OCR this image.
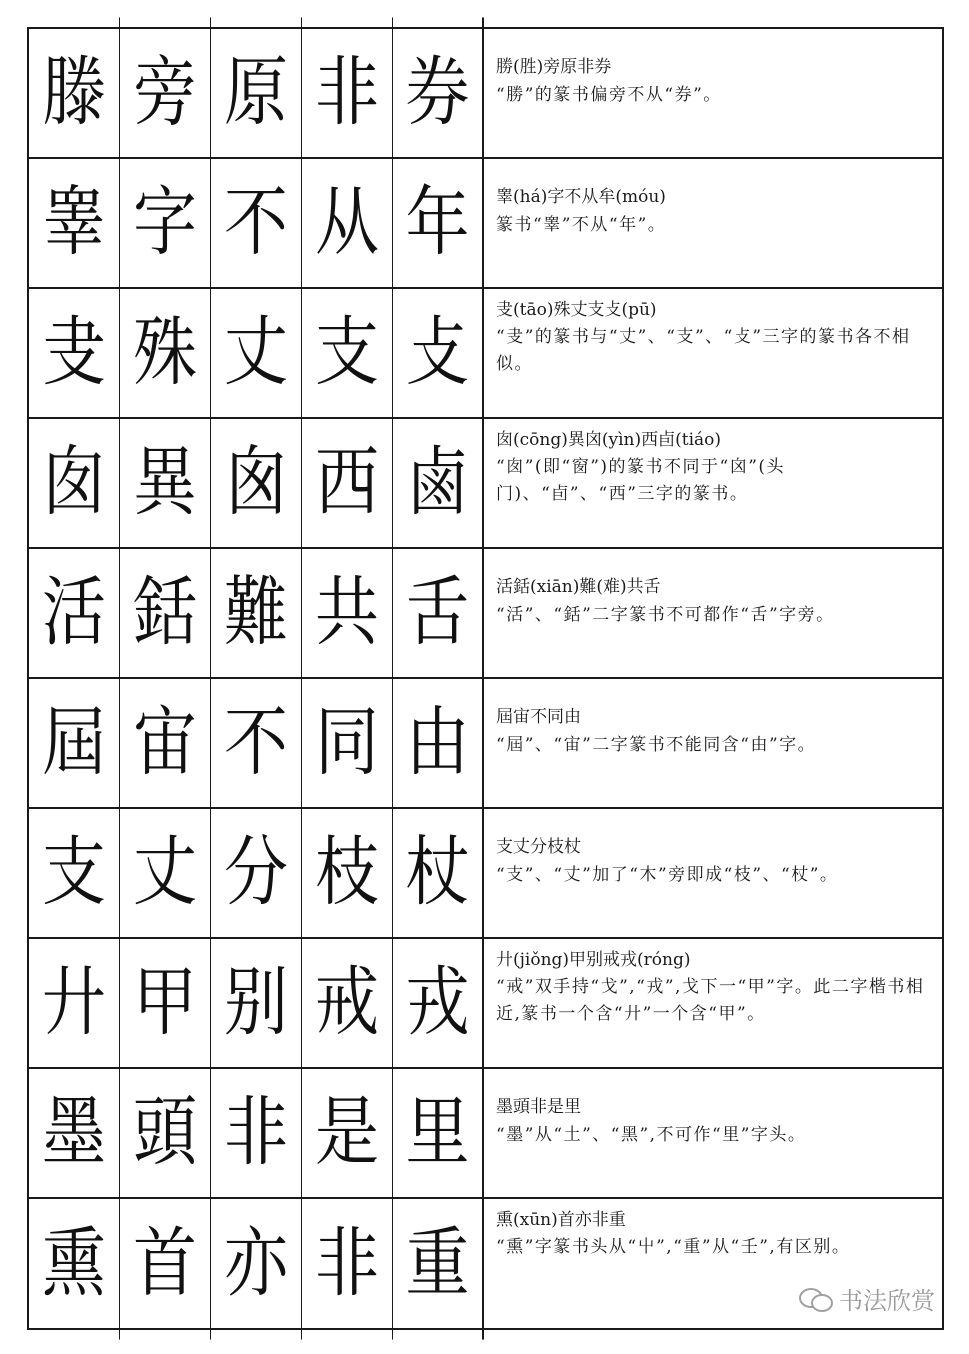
滕 旁 原 非 券	勝(胜)旁原非券
“勝”的篆书偏旁不从“券”。
睾 字 不 从 年	睾(há)字不从牟(móu)
篆书“睾”不从“年”。
叏 殊 丈 支 攴	叏(tāo)殊丈支攴(pū)
“叏”的篆书与“丈”、“支”、“攴”三字的篆书各不相似。
囱 異 囪 西 鹵	囱(cōng)異囟(yìn)西卣(tiáo)
“囱”(即“窗”)的篆书不同于“囟”(头门)、“卣”、“西”三字的篆书。
活 銛 難 共 舌	活銛(xiān)難(难)共舌
“活”、“銛”二字篆书不可都作“舌”字旁。
屆 宙 不 同 由	屆宙不同由
“屆”、“宙”二字篆书不能同含“由”字。
支 丈 分 枝 杖	支丈分枝杖
“支”、“丈”加了“木”旁即成“枝”、“杖”。
廾 甲 别 戒 戎	廾(jiǒng)甲别戒戎(róng)
“戒”双手持“戈”,“戎”,戈下一“甲”字。此二字楷书相近,篆书一个含“廾”一个含“甲”。
墨 頭 非 是 里	墨頭非是里
“墨”从“土”、“黑”,不可作“里”字头。
熏 首 亦 非 重	熏(xūn)首亦非重
“熏”字篆书头从“屮”,“重”从“壬”,有区别。
书法欣赏
